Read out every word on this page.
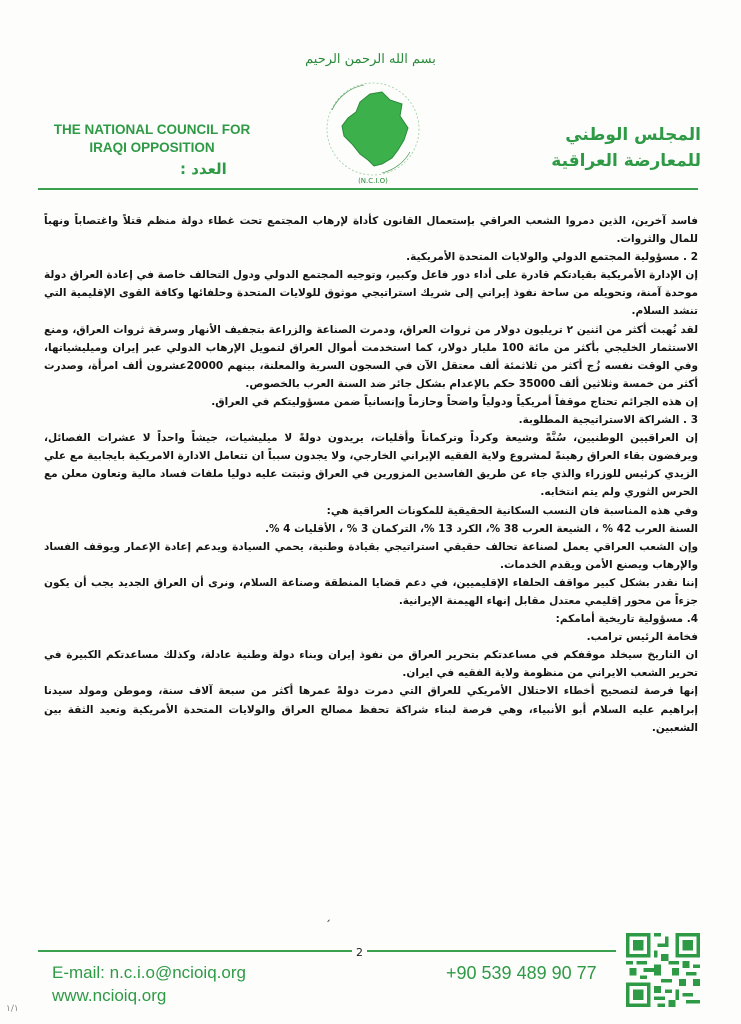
بسم الله الرحمن الرحيم
(N.C.I.O)
THE NATIONAL COUNCIL FOR
IRAQI OPPOSITION
العدد :
المجلس الوطني
للمعارضة العراقية

فاسد آخرين، الذين دمروا الشعب العراقي بإستعمال القانون كأداة لإرهاب المجتمع تحت غطاء دولة منظم قتلاً واغتصاباً ونهباً للمال والثروات.

2 . مسؤولية المجتمع الدولي والولايات المتحدة الأمريكية.

إن الإدارة الأمريكية بقيادتكم قادرة على أداء دور فاعل وكبير، وتوجيه المجتمع الدولي ودول التحالف خاصة في إعادة العراق دولة موحدة آمنة، وتحويله من ساحة نفوذ إيراني إلى شريك استراتيجي موثوق للولايات المتحدة وحلفائها وكافة القوى الإقليمية التي تنشد السلام.

لقد نُهبت أكثر من اثنين ٢ تريليون دولار من ثروات العراق، ودمرت الصناعة والزراعة بتجفيف الأنهار وسرقة ثروات العراق، ومنع الاستثمار الخليجي بأكثر من مائة 100 مليار دولار، كما استخدمت أموال العراق لتمويل الإرهاب الدولي عبر إيران وميليشياتها، وفي الوقت نفسه زُج أكثر من ثلاثمئة ألف معتقل الآن في السجون السرية والمعلنة، بينهم 20000عشرون ألف امرأة، وصدرت أكثر من خمسة وثلاثين ألف 35000 حكم بالإعدام بشكل جائر ضد السنة العرب بالخصوص.

إن هذه الجرائم تحتاج موقفاً أمريكياً ودولياً واضحاً وحازماً وإنسانياً ضمن مسؤوليتكم في العراق.

3 . الشراكة الاستراتيجية المطلوبة.

إن العراقيين الوطنيين، سُنَّةً وشيعة وكرداً وتركماناً وأقليات، يريدون دولةً لا ميليشيات، جيشاً واحداً لا عشرات الفصائل، ويرفضون بقاء العراق رهينةً لمشروع ولاية الفقيه الإيراني الخارجي، ولا يجدون سبباً ان تتعامل الادارة الامريكية بايجابية مع علي الزيدي كرئيس للوزراء والذي جاء عن طريق الفاسدين المزورين في العراق وثبتت عليه دوليا ملفات فساد مالية وتعاون معلن مع الحرس الثوري ولم يتم انتخابه.

وفي هذه المناسبة فان النسب السكانية الحقيقية للمكونات العراقية هي:

السنة العرب 42 % ، الشيعة العرب 38 %، الكرد 13 %، التركمان 3 % ، الأقليات 4 %.

وإن الشعب العراقي يعمل لصناعة تحالف حقيقي استراتيجي بقيادة وطنية، يحمي السيادة ويدعم إعادة الإعمار ويوقف الفساد والإرهاب ويصنع الأمن ويقدم الخدمات.

إننا نقدر بشكل كبير مواقف الحلفاء الإقليميين، في دعم قضايا المنطقة وصناعة السلام، ونرى أن العراق الجديد يجب أن يكون جزءاً من محور إقليمي معتدل مقابل إنهاء الهيمنة الإيرانية.

4. مسؤولية تاريخية أمامكم:

فخامة الرئيس ترامب.

ان التاريخ سيخلد موقفكم في مساعدتكم بتحرير العراق من نفوذ إيران وبناء دولة وطنية عادلة، وكذلك مساعدتكم الكبيرة في تحرير الشعب الايراني من منظومة ولاية الفقيه في ايران.

إنها فرصة لتصحيح أخطاء الاحتلال الأمريكي للعراق التي دمرت دولةً عمرها أكثر من سبعة آلاف سنة، وموطن ومولد سيدنا إبراهيم عليه السلام أبو الأنبياء، وهي فرصة لبناء شراكة تحفظ مصالح العراق والولايات المتحدة الأمريكية وتعيد الثقة بين الشعبين.

ˏ
2
E-mail: n.c.i.o@ncioiq.org
www.ncioiq.org
+90 539 489 90 77
١/١
